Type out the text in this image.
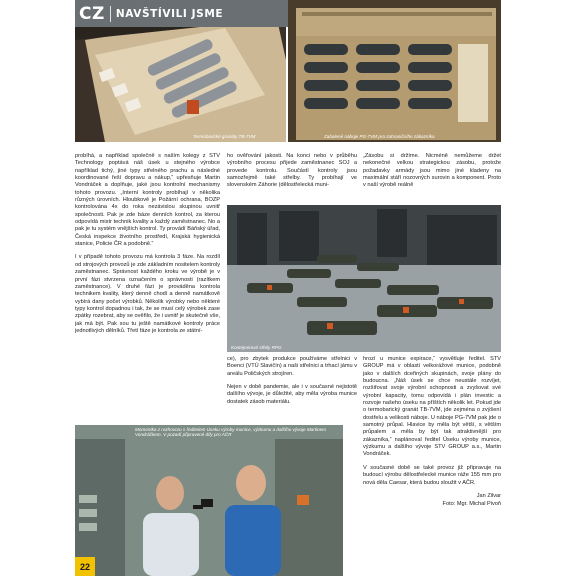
Termobarické granáty TB-7VM
CZ NAVŠTÍVILI JSME
Zabalené náboje PG-7VM pro zahraničního zákazníka

probíhá, a například společně s naším kolegy z STV Technology poptává náš úsek u stejného výrobce například tichý, jiné typy střelného prachu a následné koordinované řeší dopravu a nákup,“ upřesňuje Martin Vondráček a doplňuje, jaké jsou kontrolní mechanismy tohoto provozu. „Interní kontroly probíhají v několika různých úrovních. Hloubkově je Požární ochrana, BOZP kontrolována 4x do roka nezávislou skupinou uvnitř společnosti. Pak je zde báze denních kontrol, za kterou odpovídá mistr technik kvality a každý zaměstnanec. No a pak je tu systém vnějších kontrol. Ty provádí Báňský úřad, Česká inspekce životního prostředí, Krajská hygienická stanice, Policie ČR a podobně.“

I v případě tohoto provozu má kontrola 3 fáze. Na rozdíl od strojových provozů je zde základním nositelem kontroly zaměstnanec. Správnost každého kroku ve výrobě je v první fázi stvrzena označením o správnosti (razítkem zaměstnance). V druhé fázi je prováděna kontrola technikem kvality, který denně chodí a denně namátkově vybírá dany počet výrobků. Několik výrobky nebo některé typy kontrol dopadnou i tak, že se musí celý výrobek zase zpátky rozebrat, aby se ověřilo, že i uvnitř je skutečně vše, jak má být. Pak sou tu ještě namátkové kontroly práce jednotlivých dělníků. Třetí fáze je kontrola ze státní-

ho ověřování jakosti. Na konci nebo v průběhu výrobního procesu přijede zaměstnanec SOJ a provede kontrolu. Součástí kontroly jsou samozřejmě také střelby. Ty probíhají ve slovenském Záhorie (dělostřelecká muni-

„Zásobu si držíme. Nicméně nemůžeme držet nekonečné velkou strategickou zásobu, protože požadavky armády jsou mimo jiné kladeny na maximální stáří nozovných surovin a komponent. Proto v naší výrobě reálně

Kontejnerové střely RPG

ce), pro zbytek produkce používáme střelnici v Boenci (VTÚ Slavičín) a naši střelnici a trhací jámu v areálu Poličských strojíren.

Nejen v době pandemie, ale i v současné nejistotě dalšího vývoje, je důležité, aby měla výroba munice dostatek zásob materiálu.

hrozí u munice expirace,“ vysvětluje ředitel. STV GROUP má v oblasti velkorážové munice, podobně jako v dalších dceřiných skupinách, svoje plány do budoucna. „Náš úsek se chce neustále rozvíjet, rozšiřovat svoje výrobní schopnosti a zvyšovat své výrobní kapacity, tomu odpovídá i plán investic a rozvoje našeho úseku na příštích několik let. Pokud jde o termobarický granát TB-7VM, jde zejména o zvýšení dostřelu a velikosti náboje. U náboje PG-7VM pak jde o samotný průpal. Hlavice by měla být větší, s větším průpalem a měla by být tak atraktivnější pro zákazníka,“ naplánoval ředitel Úseku výroby munice, výzkumu a dalšího vývoje STV GROUP a.s., Martin Vondráček.

V současné době se také provoz již připravuje na budoucí výrobu dělostřelecké munice ráže 155 mm pro nová děla Caesar, která budou sloužit v AČR.

Jan Zilvar

Foto: Mgr. Michal Pivoň

Momentka z rozhovoru s ředitelem Úseku výroby munice, výzkumu a dalšího vývoje Martinem Vondráčkem. V pozadí připravené díly pro AČR
22
